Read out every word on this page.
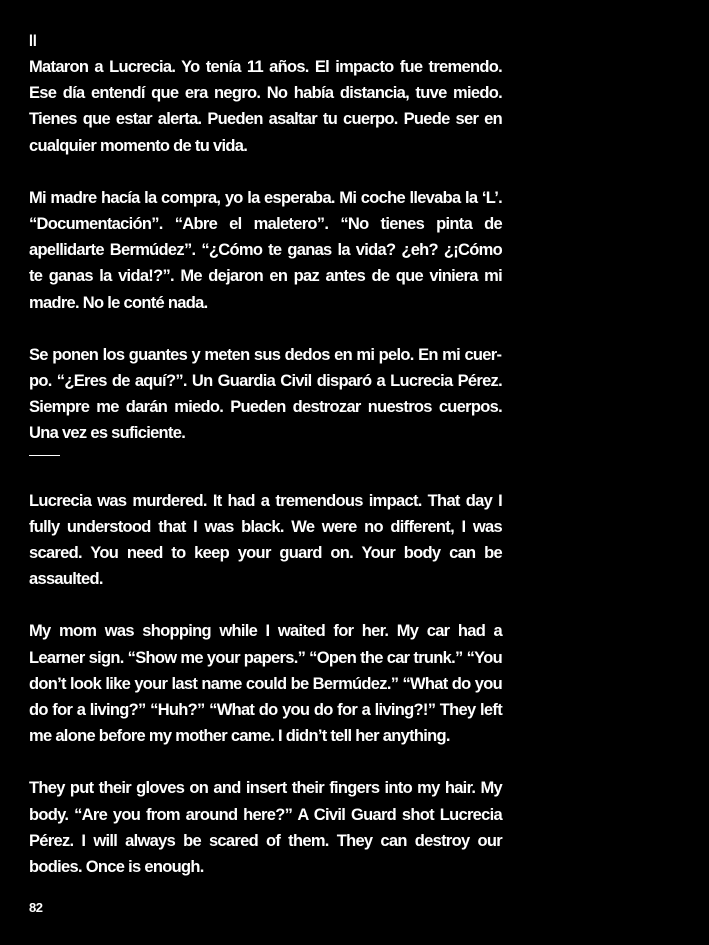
II

Mataron a Lucrecia. Yo tenía 11 años. El impacto fue tremendo. Ese día entendí que era negro. No había distancia, tuve miedo. Tienes que estar alerta. Pueden asaltar tu cuerpo. Puede ser en cualquier momento de tu vida.

Mi madre hacía la compra, yo la esperaba. Mi coche llevaba la ‘L’. “Documentación”. “Abre el maletero”. “No tienes pinta de apellidarte Bermúdez”. “¿Cómo te ganas la vida? ¿eh? ¿¡Cómo te ganas la vida!?”. Me dejaron en paz antes de que viniera mi madre. No le conté nada.

Se ponen los guantes y meten sus dedos en mi pelo. En mi cuerpo. “¿Eres de aquí?”. Un Guardia Civil disparó a Lucrecia Pérez. Siempre me darán miedo. Pueden destrozar nuestros cuerpos. Una vez es suficiente.

Lucrecia was murdered. It had a tremendous impact. That day I fully understood that I was black. We were no different, I was scared. You need to keep your guard on. Your body can be assaulted.

My mom was shopping while I waited for her. My car had a Learner sign. “Show me your papers.” “Open the car trunk.” “You don’t look like your last name could be Bermúdez.” “What do you do for a living?” “Huh?” “What do you do for a living?!” They left me alone before my mother came. I didn’t tell her anything.

They put their gloves on and insert their fingers into my hair. My body. “Are you from around here?” A Civil Guard shot Lucrecia Pérez. I will always be scared of them. They can destroy our bodies. Once is enough.

82
